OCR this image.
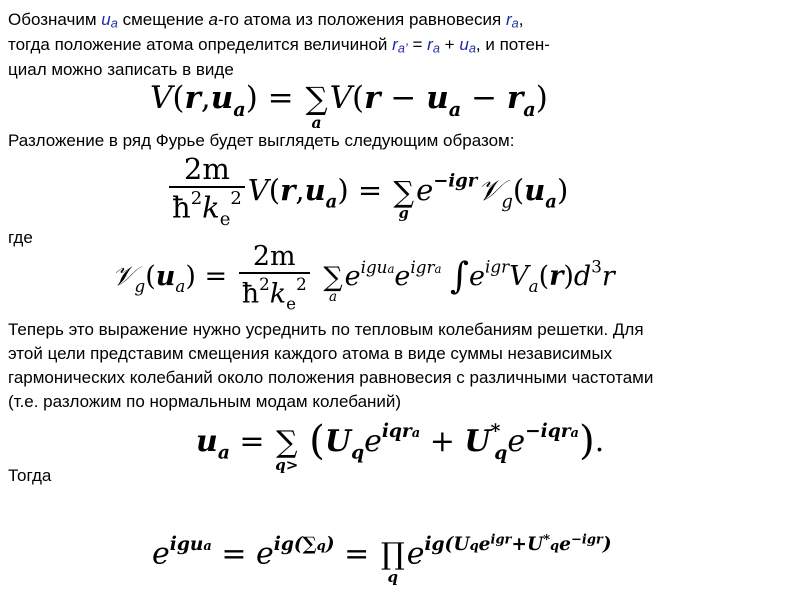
Обозначим ua смещение a-го атома из положения равновесия ra,

тогда положение атома определится величиной ra’ = ra + ua, и потен-

циал можно записать в виде

$V(r,u_a)$ = ∑
a
$V(r - u_a - r_a)$

Разложение в ряд Фурье будет выглядеть следующим образом:

$\frac{2m}{ħ^2k_e^2} V(r,u_a)$ = ∑
g
$e^{-igr}𝒱_g(u_a)$

где

$𝒱_g(u_a) = \frac{2m}{ħ^2k_e^2}$ ∑
a
$e^{igua}e^{igra}$ $\int e^{igr}V_a(r)d^3r$

Теперь это выражение нужно усреднить по тепловым колебаниям решетки. Для

этой цели представим смещения каждого атома в виде суммы независимых

гармонических колебаний около положения равновесия с различными частотами

(т.е. разложим по нормальным модам колебаний)

$u_a$ = ∑
q>
$(U_qe^{iqra} + U^*_qe^{-iqra})$.

Тогда

$e^{igua} = e^{ig(\sum q)}$ = ∏
q
$e^{ig(Uqe^{igr}+U^*qe^{-igr})}$
